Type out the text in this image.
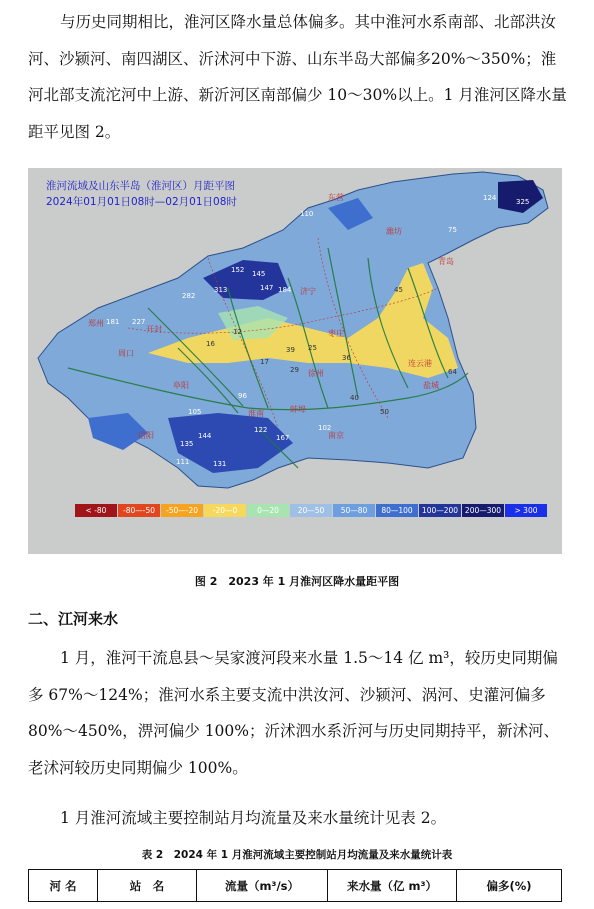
与历史同期相比，淮河区降水量总体偏多。其中淮河水系南部、北部洪汝河、沙颍河、南四湖区、沂沭河中下游、山东半岛大部偏多20%～350%；淮河北部支流沱河中上游、新沂河区南部偏少 10～30%以上。1 月淮河区降水量距平见图 2。

淮河流域及山东半岛（淮河区）月距平图
2024年01月01日08时—02月01日08时	东营
潍坊
青岛
济宁
枣庄
徐州
连云港
盐城
阜阳
信阳
蚌埠
淮南
南京
周口
开封
郑州
325
124
110
75
152 145
184
147
181 227
313
282
16
12
39 25
36
45
96
105
122
144	167
135
131
111
102
50
40
64
29
17
< -80	-80—-50	-50—-20	-20—0	0—20	20—50	50—80	80—100	100—200 200—300	> 300
图 2　2023 年 1 月淮河区降水量距平图
二、江河来水

1 月，淮河干流息县～吴家渡河段来水量 1.5～14 亿 m³，较历史同期偏多 67%～124%；淮河水系主要支流中洪汝河、沙颍河、涡河、史灌河偏多 80%～450%，淠河偏少 100%；沂沭泗水系沂河与历史同期持平，新沭河、老沭河较历史同期偏少 100%。

1 月淮河流域主要控制站月均流量及来水量统计见表 2。

表 2　2024 年 1 月淮河流域主要控制站月均流量及来水量统计表
河 名	站　名	流量（m³/s）	来水量（亿 m³）	偏多(%)
